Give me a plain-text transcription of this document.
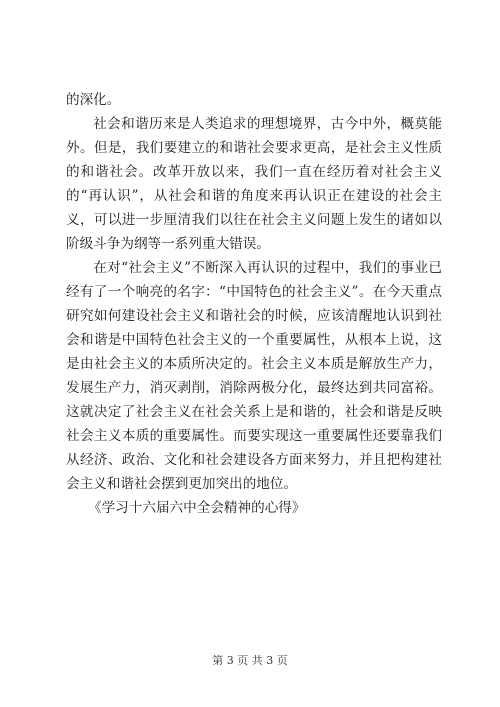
的深化。

社会和谐历来是人类追求的理想境界，古今中外，概莫能外。但是，我们要建立的和谐社会要求更高，是社会主义性质的和谐社会。改革开放以来，我们一直在经历着对社会主义的“再认识”，从社会和谐的角度来再认识正在建设的社会主义，可以进一步厘清我们以往在社会主义问题上发生的诸如以阶级斗争为纲等一系列重大错误。

在对“社会主义”不断深入再认识的过程中，我们的事业已经有了一个响亮的名字：“中国特色的社会主义”。在今天重点研究如何建设社会主义和谐社会的时候，应该清醒地认识到社会和谐是中国特色社会主义的一个重要属性，从根本上说，这是由社会主义的本质所决定的。社会主义本质是解放生产力，发展生产力，消灭剥削，消除两极分化，最终达到共同富裕。这就决定了社会主义在社会关系上是和谐的，社会和谐是反映社会主义本质的重要属性。而要实现这一重要属性还要靠我们从经济、政治、文化和社会建设各方面来努力，并且把构建社会主义和谐社会摆到更加突出的地位。

《学习十六届六中全会精神的心得》

第 3 页 共 3 页
